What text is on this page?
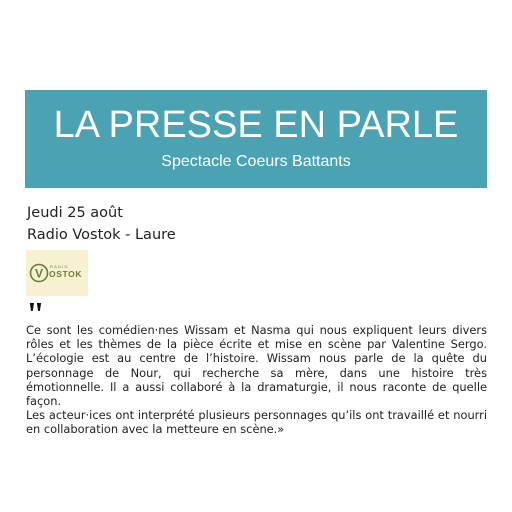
LA PRESSE EN PARLE
Spectacle Coeurs Battants
Jeudi 25 août
Radio Vostok - Laure
V OSTOK
RADIO
"

Ce sont les comédien·nes Wissam et Nasma qui nous expliquent leurs divers rôles et les thèmes de la pièce écrite et mise en scène par Valentine Sergo. L’écologie est au centre de l’histoire. Wissam nous parle de la quête du personnage de Nour, qui recherche sa mère, dans une histoire très émotionnelle. Il a aussi collaboré à la dramaturgie, il nous raconte de quelle façon.

Les acteur·ices ont interprété plusieurs personnages qu’ils ont travaillé et nourri en collaboration avec la metteure en scène.»
